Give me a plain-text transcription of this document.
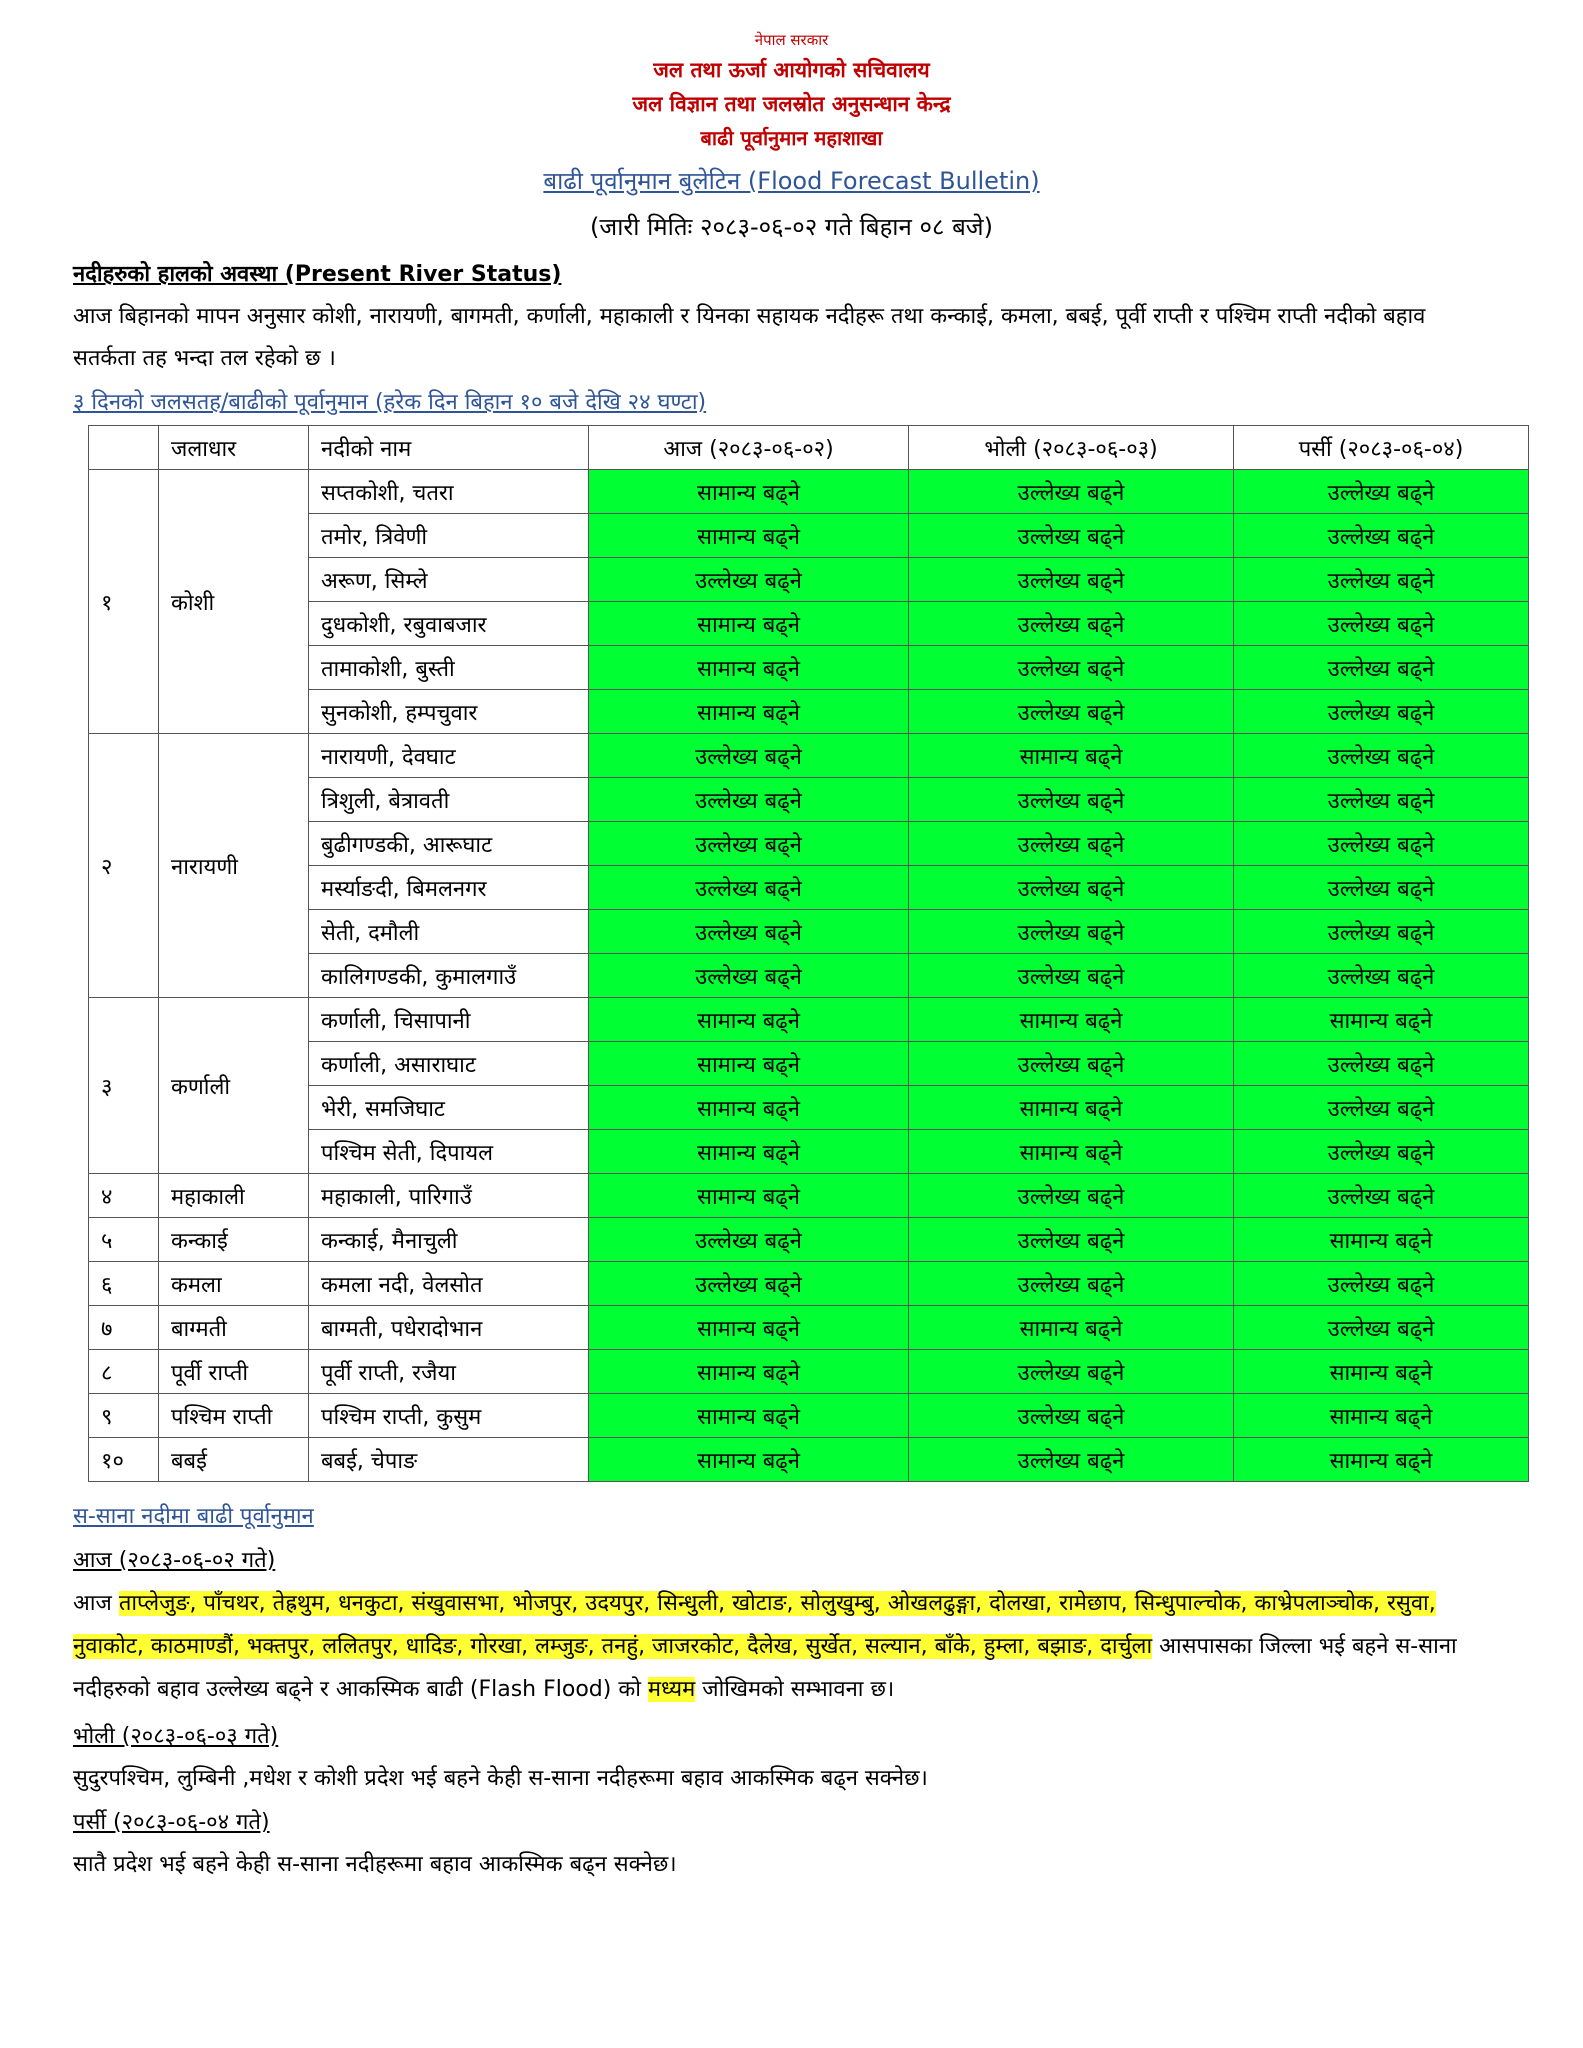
नेपाल सरकार
जल तथा ऊर्जा आयोगको सचिवालय
जल विज्ञान तथा जलस्रोत अनुसन्धान केन्द्र
बाढी पूर्वानुमान महाशाखा
बाढी पूर्वानुमान बुलेटिन (Flood Forecast Bulletin)
(जारी मितिः २०८३-०६-०२ गते बिहान ०८ बजे)
नदीहरुको हालको अवस्था (Present River Status)
आज बिहानको मापन अनुसार कोशी, नारायणी, बागमती, कर्णाली, महाकाली र यिनका सहायक नदीहरू तथा कन्काई, कमला, बबई, पूर्वी राप्ती र पश्चिम राप्ती नदीको बहाव सतर्कता तह भन्दा तल रहेको छ ।
३ दिनको जलसतह/बाढीको पूर्वानुमान (हरेक दिन बिहान १० बजे देखि २४ घण्टा)
	जलाधार	नदीको नाम	आज (२०८३-०६-०२)	भोली (२०८३-०६-०३)	पर्सी (२०८३-०६-०४)
१	कोशी	सप्तकोशी, चतरा	सामान्य बढ्ने	उल्लेख्य बढ्ने	उल्लेख्य बढ्ने
		तमोर, त्रिवेणी	सामान्य बढ्ने	उल्लेख्य बढ्ने	उल्लेख्य बढ्ने
		अरूण, सिम्ले	उल्लेख्य बढ्ने	उल्लेख्य बढ्ने	उल्लेख्य बढ्ने
		दुधकोशी, रबुवाबजार	सामान्य बढ्ने	उल्लेख्य बढ्ने	उल्लेख्य बढ्ने
		तामाकोशी, बुस्ती	सामान्य बढ्ने	उल्लेख्य बढ्ने	उल्लेख्य बढ्ने
		सुनकोशी, हम्पचुवार	सामान्य बढ्ने	उल्लेख्य बढ्ने	उल्लेख्य बढ्ने
२	नारायणी	नारायणी, देवघाट	उल्लेख्य बढ्ने	सामान्य बढ्ने	उल्लेख्य बढ्ने
		त्रिशुली, बेत्रावती	उल्लेख्य बढ्ने	उल्लेख्य बढ्ने	उल्लेख्य बढ्ने
		बुढीगण्डकी, आरूघाट	उल्लेख्य बढ्ने	उल्लेख्य बढ्ने	उल्लेख्य बढ्ने
		मर्स्याङदी, बिमलनगर	उल्लेख्य बढ्ने	उल्लेख्य बढ्ने	उल्लेख्य बढ्ने
		सेती, दमौली	उल्लेख्य बढ्ने	उल्लेख्य बढ्ने	उल्लेख्य बढ्ने
		कालिगण्डकी, कुमालगाउँ	उल्लेख्य बढ्ने	उल्लेख्य बढ्ने	उल्लेख्य बढ्ने
३	कर्णाली	कर्णाली, चिसापानी	सामान्य बढ्ने	सामान्य बढ्ने	सामान्य बढ्ने
		कर्णाली, असाराघाट	सामान्य बढ्ने	उल्लेख्य बढ्ने	उल्लेख्य बढ्ने
		भेरी, समजिघाट	सामान्य बढ्ने	सामान्य बढ्ने	उल्लेख्य बढ्ने
		पश्चिम सेती, दिपायल	सामान्य बढ्ने	सामान्य बढ्ने	उल्लेख्य बढ्ने
४	महाकाली	महाकाली, पारिगाउँ	सामान्य बढ्ने	उल्लेख्य बढ्ने	उल्लेख्य बढ्ने
५	कन्काई	कन्काई, मैनाचुली	उल्लेख्य बढ्ने	उल्लेख्य बढ्ने	सामान्य बढ्ने
६	कमला	कमला नदी, वेलसोत	उल्लेख्य बढ्ने	उल्लेख्य बढ्ने	उल्लेख्य बढ्ने
७	बाग्मती	बाग्मती, पधेरादोभान	सामान्य बढ्ने	सामान्य बढ्ने	उल्लेख्य बढ्ने
८	पूर्वी राप्ती	पूर्वी राप्ती, रजैया	सामान्य बढ्ने	उल्लेख्य बढ्ने	सामान्य बढ्ने
९	पश्चिम राप्ती	पश्चिम राप्ती, कुसुम	सामान्य बढ्ने	उल्लेख्य बढ्ने	सामान्य बढ्ने
१०	बबई	बबई, चेपाङ	सामान्य बढ्ने	उल्लेख्य बढ्ने	सामान्य बढ्ने
स-साना नदीमा बाढी पूर्वानुमान
आज (२०८३-०६-०२ गते)
आज ताप्लेजुङ, पाँचथर, तेह्रथुम, धनकुटा, संखुवासभा, भोजपुर, उदयपुर, सिन्धुली, खोटाङ, सोलुखुम्बु, ओखलढुङ्गा, दोलखा, रामेछाप, सिन्धुपाल्चोक, काभ्रेपलाञ्चोक, रसुवा, नुवाकोट, काठमाण्डौं, भक्तपुर, ललितपुर, धादिङ, गोरखा, लम्जुङ, तनहुं, जाजरकोट, दैलेख, सुर्खेत, सल्यान, बाँके, हुम्ला, बझाङ, दार्चुला आसपासका जिल्ला भई बहने स-साना नदीहरुको बहाव उल्लेख्य बढ्ने र आकस्मिक बाढी (Flash Flood) को मध्यम जोखिमको सम्भावना छ।
भोली (२०८३-०६-०३ गते)
सुदुरपश्चिम, लुम्बिनी ,मधेश र कोशी प्रदेश भई बहने केही स-साना नदीहरूमा बहाव आकस्मिक बढ्न सक्नेछ।
पर्सी (२०८३-०६-०४ गते)
सातै प्रदेश भई बहने केही स-साना नदीहरूमा बहाव आकस्मिक बढ्न सक्नेछ।
